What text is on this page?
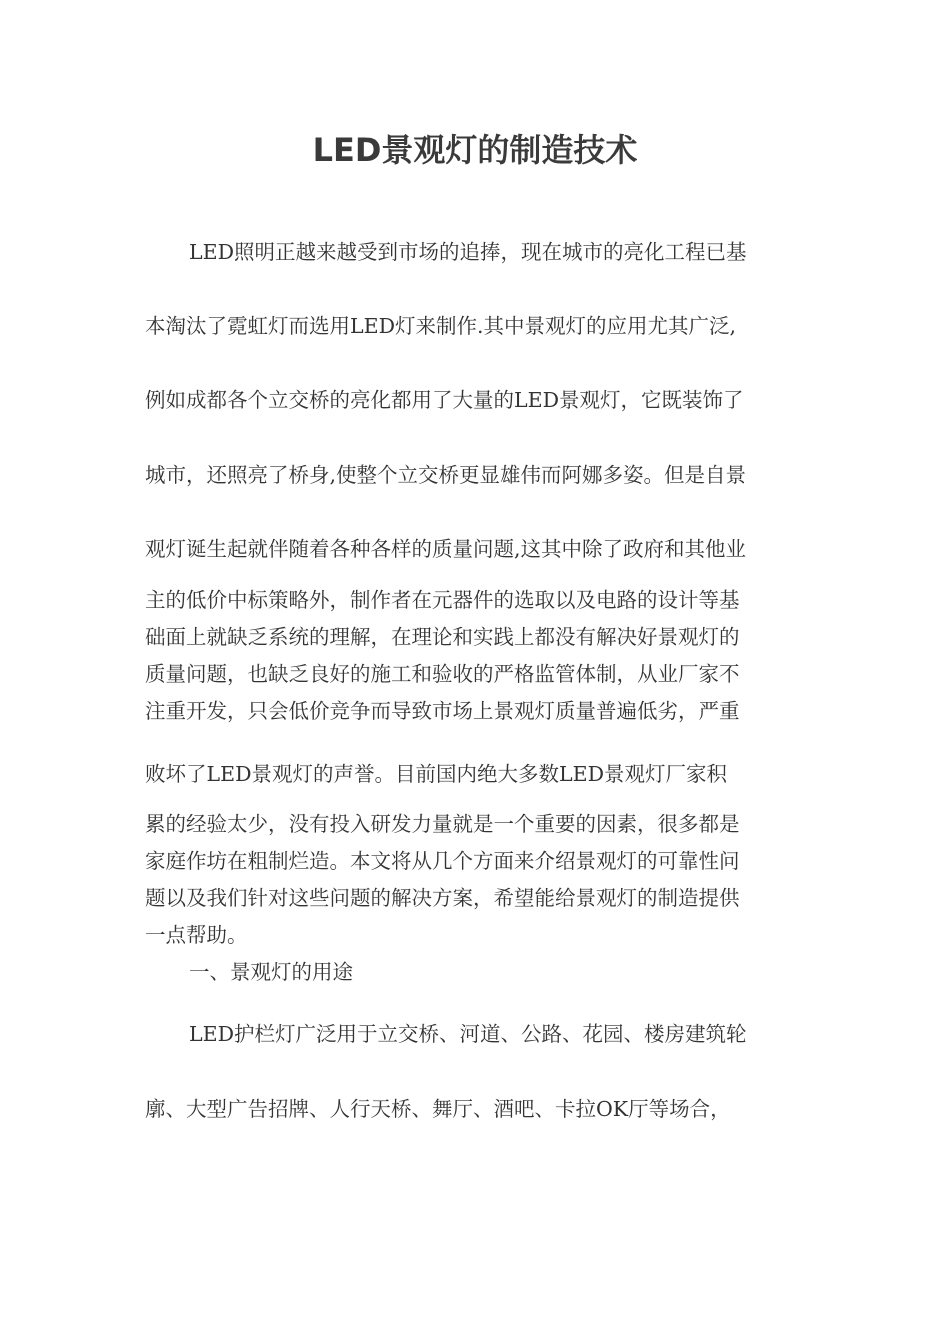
LED景观灯的制造技术
LED照明正越来越受到市场的追捧，现在城市的亮化工程已基
本淘汰了霓虹灯而选用LED灯来制作.其中景观灯的应用尤其广泛,
例如成都各个立交桥的亮化都用了大量的LED景观灯，它既装饰了
城市，还照亮了桥身,使整个立交桥更显雄伟而阿娜多姿。但是自景
观灯诞生起就伴随着各种各样的质量问题,这其中除了政府和其他业
主的低价中标策略外，制作者在元器件的选取以及电路的设计等基
础面上就缺乏系统的理解，在理论和实践上都没有解决好景观灯的
质量问题，也缺乏良好的施工和验收的严格监管体制，从业厂家不
注重开发，只会低价竞争而导致市场上景观灯质量普遍低劣，严重
败坏了LED景观灯的声誉。目前国内绝大多数LED景观灯厂家积
累的经验太少，没有投入研发力量就是一个重要的因素，很多都是
家庭作坊在粗制烂造。本文将从几个方面来介绍景观灯的可靠性问
题以及我们针对这些问题的解决方案，希望能给景观灯的制造提供
一点帮助。
一、景观灯的用途
LED护栏灯广泛用于立交桥、河道、公路、花园、楼房建筑轮
廓、大型广告招牌、人行天桥、舞厅、酒吧、卡拉OK厅等场合，
